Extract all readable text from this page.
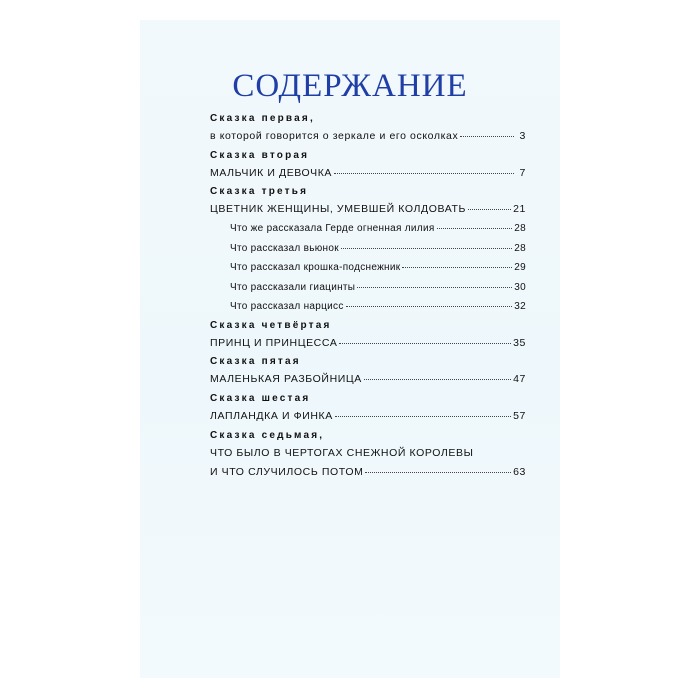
СОДЕРЖАНИЕ
Сказка первая,
в которой говорится о зеркале и его осколках	3
Сказка вторая
МАЛЬЧИК И ДЕВОЧКА	7
Сказка третья
ЦВЕТНИК ЖЕНЩИНЫ, УМЕВШЕЙ КОЛДОВАТЬ	21
Что же рассказала Герде огненная лилия	28
Что рассказал вьюнок	28
Что рассказал крошка-подснежник	29
Что рассказали гиацинты	30
Что рассказал нарцисс	32
Сказка четвёртая
ПРИНЦ И ПРИНЦЕССА	35
Сказка пятая
МАЛЕНЬКАЯ РАЗБОЙНИЦА	47
Сказка шестая
ЛАПЛАНДКА И ФИНКА	57
Сказка седьмая,
ЧТО БЫЛО В ЧЕРТОГАХ СНЕЖНОЙ КОРОЛЕВЫ
И ЧТО СЛУЧИЛОСЬ ПОТОМ	63
